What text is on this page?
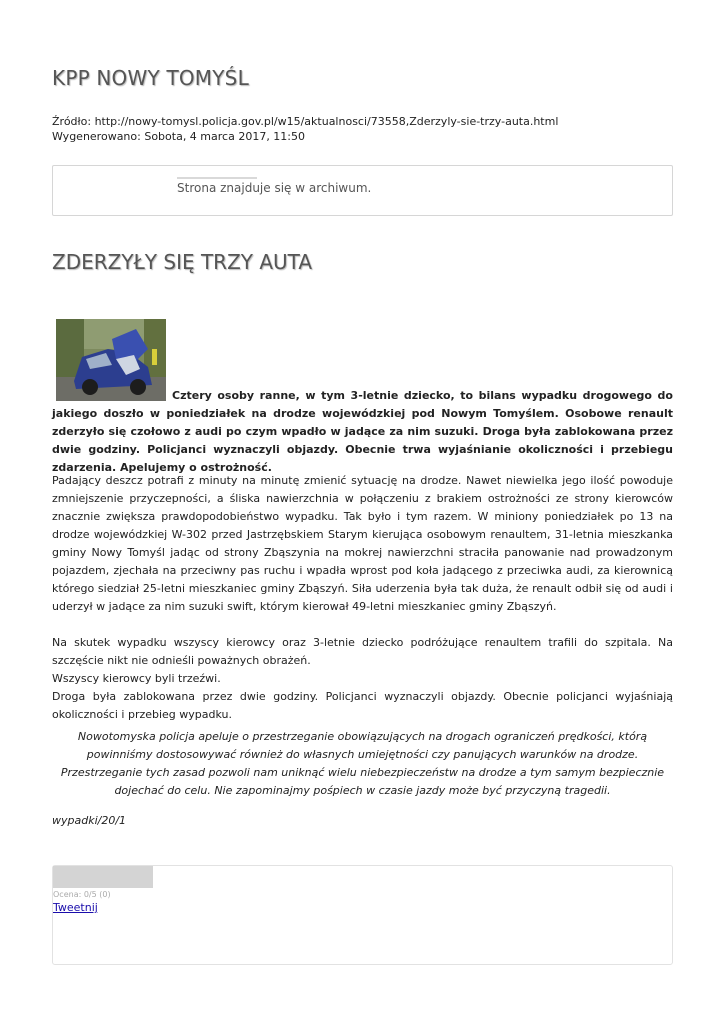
KPP NOWY TOMYŚL
Źródło: http://nowy-tomysl.policja.gov.pl/w15/aktualnosci/73558,Zderzyly-sie-trzy-auta.html
Wygenerowano: Sobota, 4 marca 2017, 11:50
Strona znajduje się w archiwum.
ZDERZYŁY SIĘ TRZY AUTA

Cztery osoby ranne, w tym 3-letnie dziecko, to bilans wypadku drogowego do jakiego doszło w poniedziałek na drodze wojewódzkiej pod Nowym Tomyślem. Osobowe renault zderzyło się czołowo z audi po czym wpadło w jadące za nim suzuki. Droga była zablokowana przez dwie godziny. Policjanci wyznaczyli objazdy. Obecnie trwa wyjaśnianie okoliczności i przebiegu zdarzenia. Apelujemy o ostrożność.

Padający deszcz potrafi z minuty na minutę zmienić sytuację na drodze. Nawet niewielka jego ilość powoduje zmniejszenie przyczepności, a śliska nawierzchnia w połączeniu z brakiem ostrożności ze strony kierowców znacznie zwiększa prawdopodobieństwo wypadku. Tak było i tym razem. W miniony poniedziałek po 13 na drodze wojewódzkiej W-302 przed Jastrzębskiem Starym kierująca osobowym renaultem, 31-letnia mieszkanka gminy Nowy Tomyśl jadąc od strony Zbąszynia na mokrej nawierzchni straciła panowanie nad prowadzonym pojazdem, zjechała na przeciwny pas ruchu i wpadła wprost pod koła jadącego z przeciwka audi, za kierownicą którego siedział 25-letni mieszkaniec gminy Zbąszyń. Siła uderzenia była tak duża, że renault odbił się od audi i uderzył w jadące za nim suzuki swift, którym kierował 49-letni mieszkaniec gminy Zbąszyń.

Na skutek wypadku wszyscy kierowcy oraz 3-letnie dziecko podróżujące renaultem trafili do szpitala. Na szczęście nikt nie odnieśli poważnych obrażeń.

Wszyscy kierowcy byli trzeźwi.

Droga była zablokowana przez dwie godziny. Policjanci wyznaczyli objazdy. Obecnie policjanci wyjaśniają okoliczności i przebieg wypadku.

Nowotomyska policja apeluje o przestrzeganie obowiązujących na drogach ograniczeń prędkości, którą powinniśmy dostosowywać również do własnych umiejętności czy panujących warunków na drodze. Przestrzeganie tych zasad pozwoli nam uniknąć wielu niebezpieczeństw na drodze a tym samym bezpiecznie dojechać do celu. Nie zapominajmy pośpiech w czasie jazdy może być przyczyną tragedii.
wypadki/20/1
Ocena: 0/5 (0)
Tweetnij
